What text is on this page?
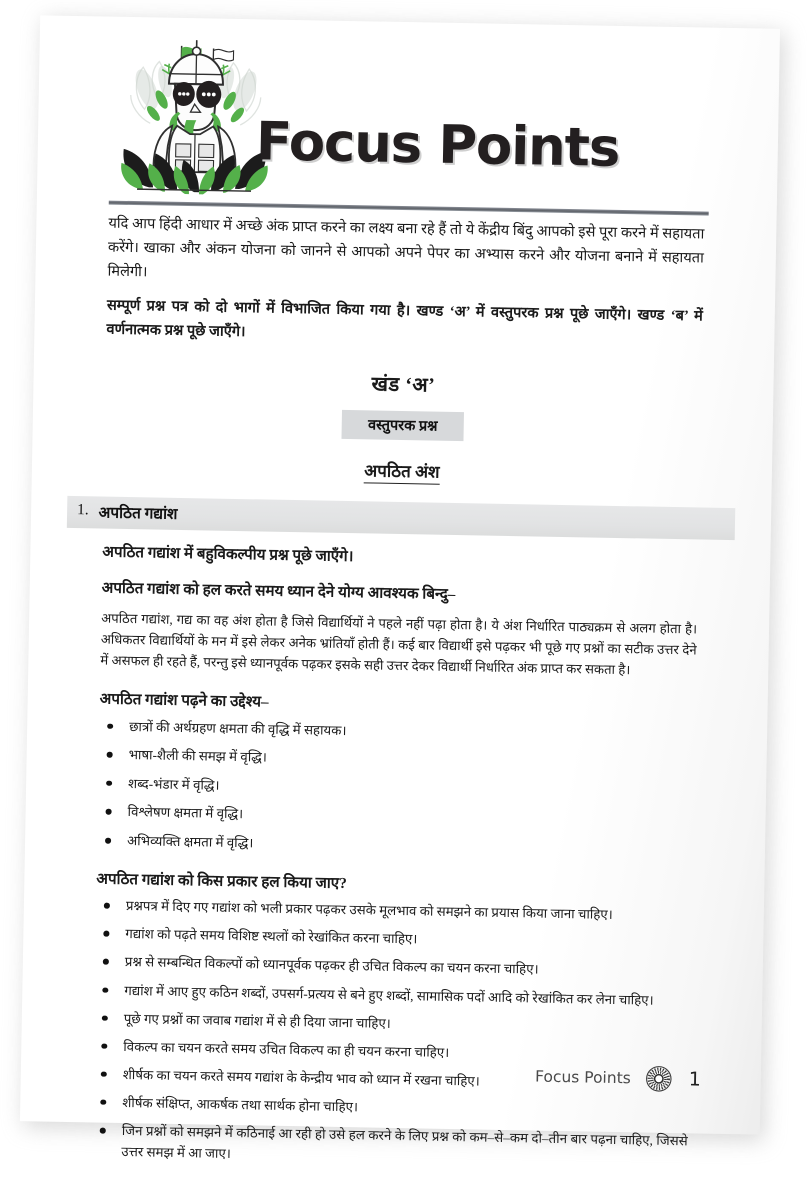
Focus Points

यदि आप हिंदी आधार में अच्छे अंक प्राप्त करने का लक्ष्य बना रहे हैं तो ये केंद्रीय बिंदु आपको इसे पूरा करने में सहायता करेंगे। खाका और अंकन योजना को जानने से आपको अपने पेपर का अभ्यास करने और योजना बनाने में सहायता मिलेगी।

सम्पूर्ण प्रश्न पत्र को दो भागों में विभाजित किया गया है। खण्ड ‘अ’ में वस्तुपरक प्रश्न पूछे जाएँगे। खण्ड ‘ब’ में वर्णनात्मक प्रश्न पूछे जाएँगे।

खंड ‘अ’
वस्तुपरक प्रश्न
अपठित अंश
1. अपठित गद्यांश
अपठित गद्यांश में बहुविकल्पीय प्रश्न पूछे जाएँगे।
अपठित गद्यांश को हल करते समय ध्यान देने योग्य आवश्यक बिन्दु–

अपठित गद्यांश, गद्य का वह अंश होता है जिसे विद्यार्थियों ने पहले नहीं पढ़ा होता है। ये अंश निर्धारित पाठ्यक्रम से अलग होता है। अधिकतर विद्यार्थियों के मन में इसे लेकर अनेक भ्रांतियाँ होती हैं। कई बार विद्यार्थी इसे पढ़कर भी पूछे गए प्रश्नों का सटीक उत्तर देने में असफल ही रहते हैं, परन्तु इसे ध्यानपूर्वक पढ़कर इसके सही उत्तर देकर विद्यार्थी निर्धारित अंक प्राप्त कर सकता है।

अपठित गद्यांश पढ़ने का उद्देश्य–
छात्रों की अर्थग्रहण क्षमता की वृद्धि में सहायक।
भाषा-शैली की समझ में वृद्धि।
शब्द-भंडार में वृद्धि।
विश्लेषण क्षमता में वृद्धि।
अभिव्यक्ति क्षमता में वृद्धि।
अपठित गद्यांश को किस प्रकार हल किया जाए?
प्रश्नपत्र में दिए गए गद्यांश को भली प्रकार पढ़कर उसके मूलभाव को समझने का प्रयास किया जाना चाहिए।
गद्यांश को पढ़ते समय विशिष्ट स्थलों को रेखांकित करना चाहिए।
प्रश्न से सम्बन्धित विकल्पों को ध्यानपूर्वक पढ़कर ही उचित विकल्प का चयन करना चाहिए।
गद्यांश में आए हुए कठिन शब्दों, उपसर्ग-प्रत्यय से बने हुए शब्दों, सामासिक पदों आदि को रेखांकित कर लेना चाहिए।
पूछे गए प्रश्नों का जवाब गद्यांश में से ही दिया जाना चाहिए।
विकल्प का चयन करते समय उचित विकल्प का ही चयन करना चाहिए।
शीर्षक का चयन करते समय गद्यांश के केन्द्रीय भाव को ध्यान में रखना चाहिए।
शीर्षक संक्षिप्त, आकर्षक तथा सार्थक होना चाहिए।
जिन प्रश्नों को समझने में कठिनाई आ रही हो उसे हल करने के लिए प्रश्न को कम–से–कम दो–तीन बार पढ़ना चाहिए, जिससे उत्तर समझ में आ जाए।
Focus Points	1
